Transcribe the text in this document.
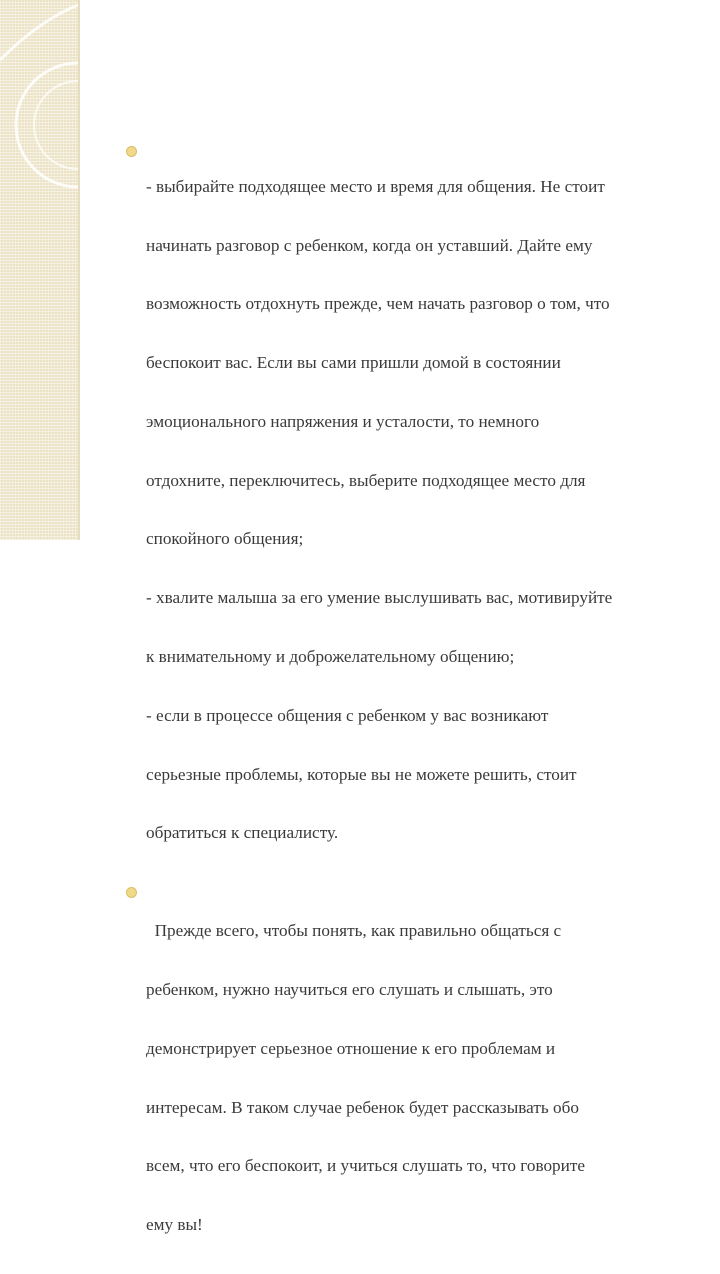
- выбирайте подходящее место и время для общения. Не стоит

начинать разговор с ребенком, когда он уставший. Дайте ему

возможность отдохнуть прежде, чем начать разговор о том, что

беспокоит вас. Если вы сами пришли домой в состоянии

эмоционального напряжения и усталости, то немного

отдохните, переключитесь, выберите подходящее место для

спокойного общения;

- хвалите малыша за его умение выслушивать вас, мотивируйте

к внимательному и доброжелательному общению;

- если в процессе общения с ребенком у вас возникают

серьезные проблемы, которые вы не можете решить, стоит

обратиться к специалисту.

Прежде всего, чтобы понять, как правильно общаться с

ребенком, нужно научиться его слушать и слышать, это

демонстрирует серьезное отношение к его проблемам и

интересам. В таком случае ребенок будет рассказывать обо

всем, что его беспокоит, и учиться слушать то, что говорите

ему вы!
